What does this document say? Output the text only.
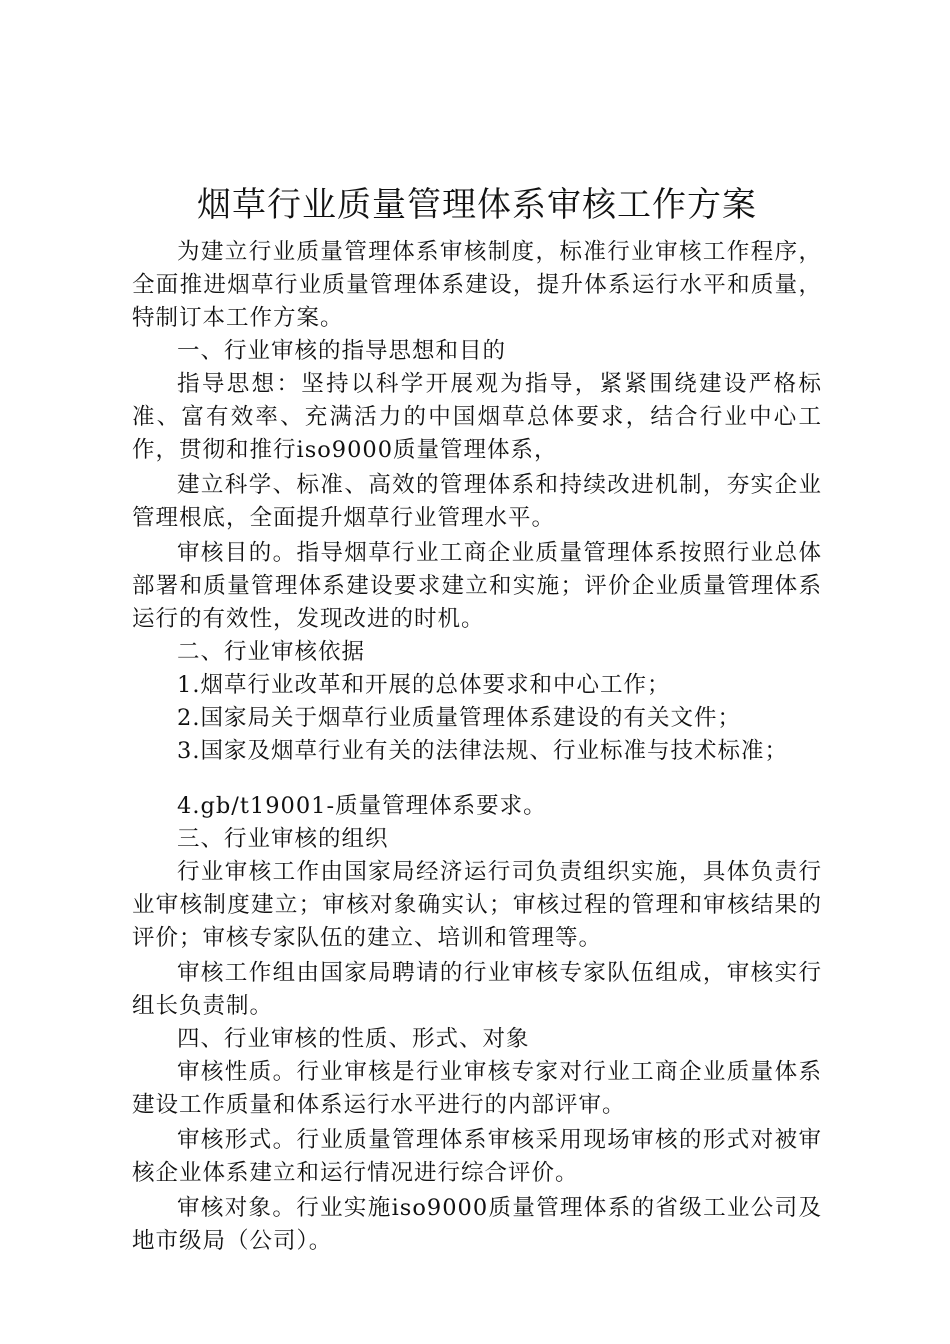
烟草行业质量管理体系审核工作方案

为建立行业质量管理体系审核制度，标准行业审核工作程序，全面推进烟草行业质量管理体系建设，提升体系运行水平和质量，特制订本工作方案。

一、行业审核的指导思想和目的

指导思想：坚持以科学开展观为指导，紧紧围绕建设严格标准、富有效率、充满活力的中国烟草总体要求，结合行业中心工作，贯彻和推行iso9000质量管理体系，

建立科学、标准、高效的管理体系和持续改进机制，夯实企业管理根底，全面提升烟草行业管理水平。

审核目的。指导烟草行业工商企业质量管理体系按照行业总体部署和质量管理体系建设要求建立和实施；评价企业质量管理体系运行的有效性，发现改进的时机。

二、行业审核依据

1.烟草行业改革和开展的总体要求和中心工作；

2.国家局关于烟草行业质量管理体系建设的有关文件；

3.国家及烟草行业有关的法律法规、行业标准与技术标准；

4.gb/t19001-质量管理体系要求。

三、行业审核的组织

行业审核工作由国家局经济运行司负责组织实施，具体负责行业审核制度建立；审核对象确实认；审核过程的管理和审核结果的评价；审核专家队伍的建立、培训和管理等。

审核工作组由国家局聘请的行业审核专家队伍组成，审核实行组长负责制。

四、行业审核的性质、形式、对象

审核性质。行业审核是行业审核专家对行业工商企业质量体系建设工作质量和体系运行水平进行的内部评审。

审核形式。行业质量管理体系审核采用现场审核的形式对被审核企业体系建立和运行情况进行综合评价。

审核对象。行业实施iso9000质量管理体系的省级工业公司及地市级局（公司）。
